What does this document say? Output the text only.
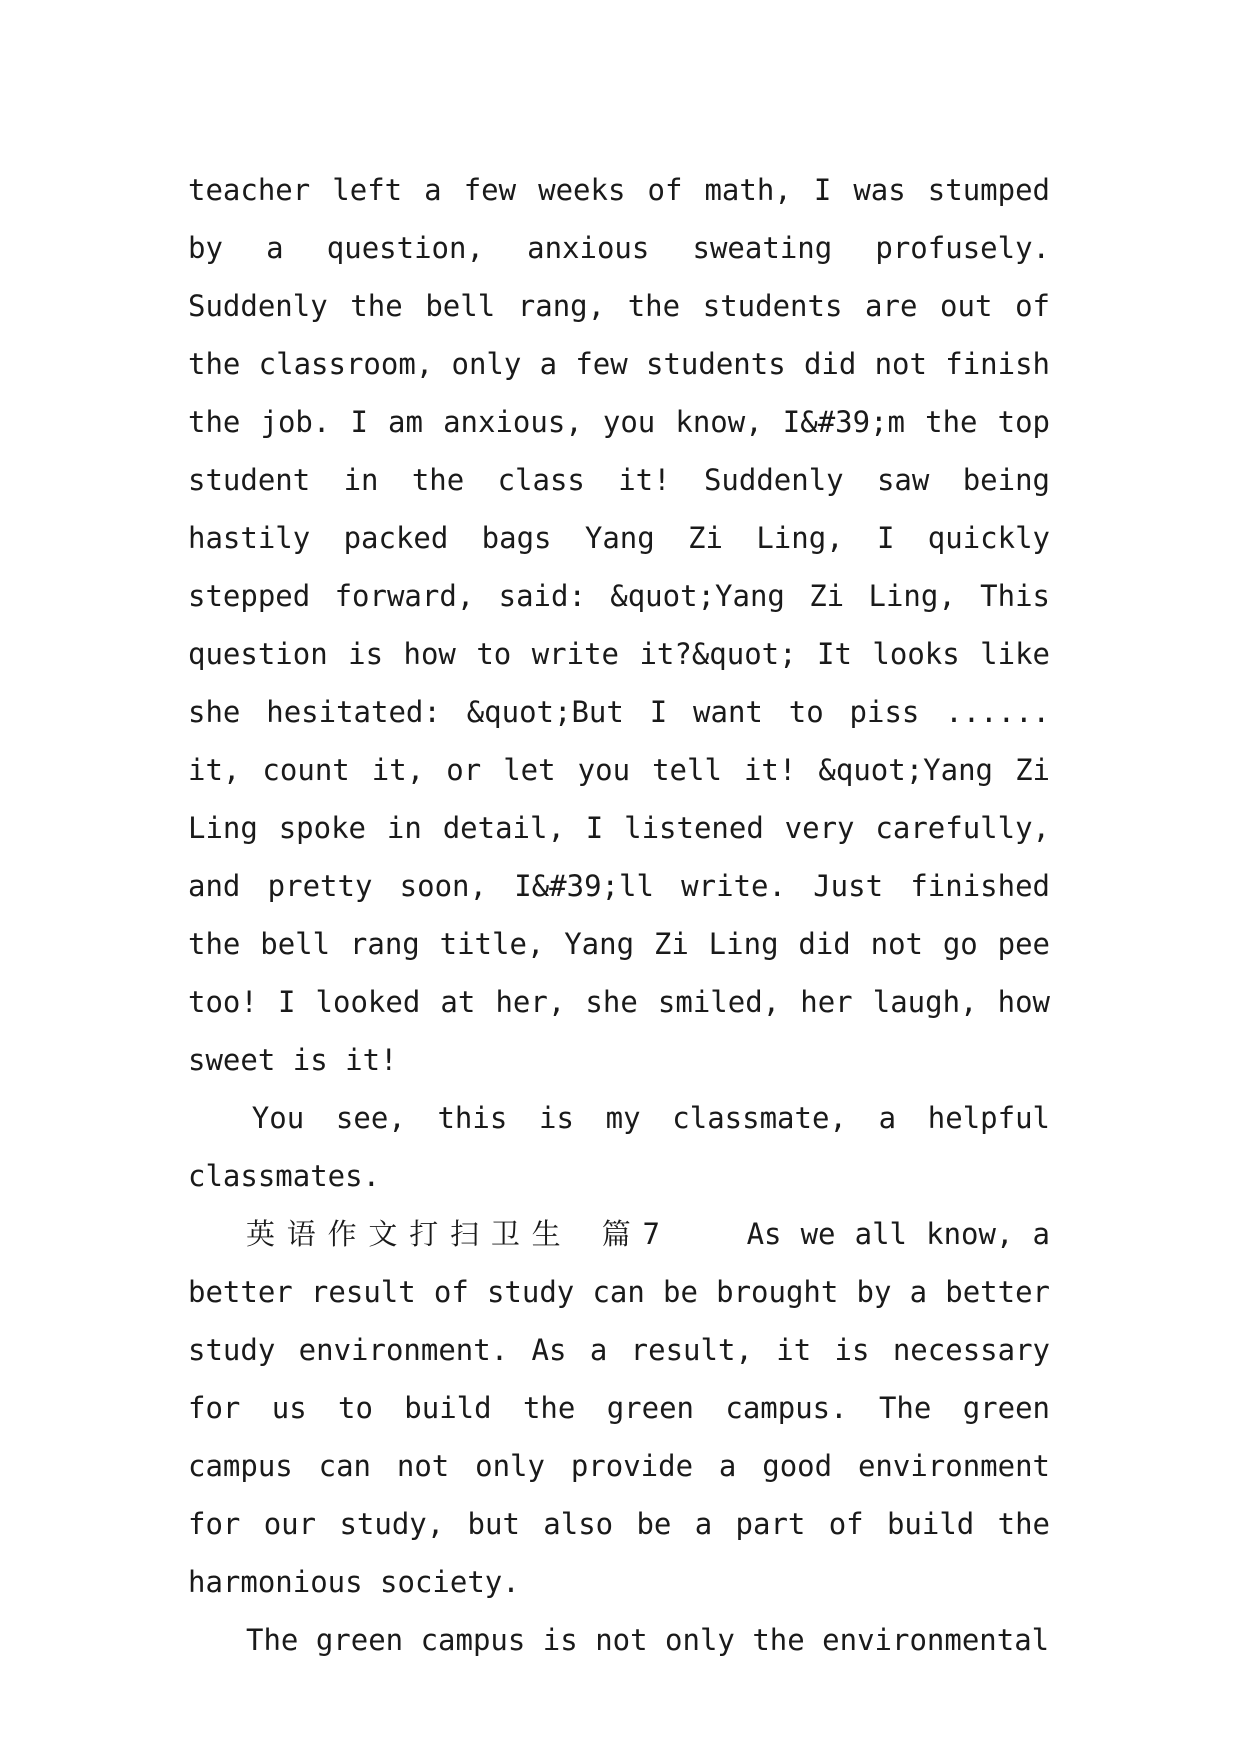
teacher left a few weeks of math, I was stumped by a question, anxious sweating profusely. Suddenly the bell rang, the students are out of the classroom, only a few students did not finish the job. I am anxious, you know, I&#39;m the top student in the class it! Suddenly saw being hastily packed bags Yang Zi Ling, I quickly stepped forward, said: &quot;Yang Zi Ling, This question is how to write it?&quot; It looks like she hesitated: &quot;But I want to piss ...... it, count it, or let you tell it! &quot;Yang Zi Ling spoke in detail, I listened very carefully, and pretty soon, I&#39;ll write. Just finished the bell rang title, Yang Zi Ling did not go pee too! I looked at her, she smiled, her laugh, how sweet is it!

You see, this is my classmate, a helpful classmates.

英语作文打扫卫生 篇7	As we all know, a better result of study can be brought by a better study environment. As a result, it is necessary for us to build the green campus. The green campus can not only provide a good environment for our study, but also be a part of build the harmonious society.

The green campus is not only the environmental
